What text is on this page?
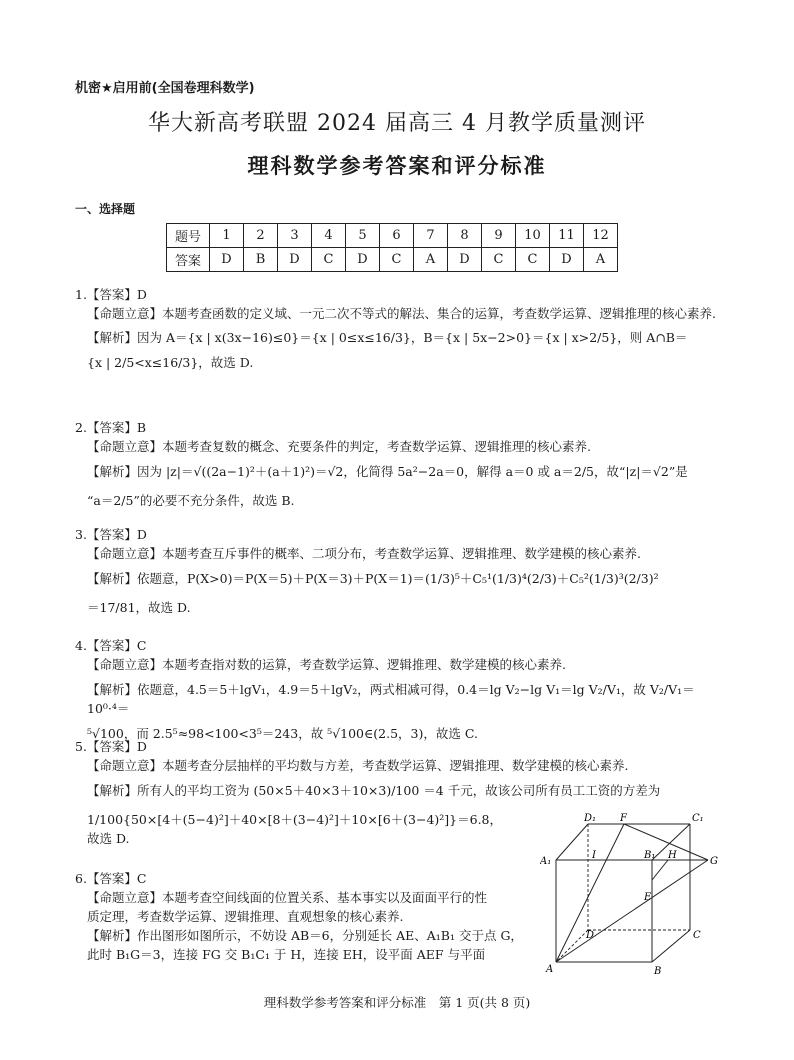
机密★启用前(全国卷理科数学)
华大新高考联盟 2024 届高三 4 月教学质量测评
理科数学参考答案和评分标准
一、选择题
题号	1	2	3	4	5	6	7	8	9	10	11	12
答案	D	B	D	C	D	C	A	D	C	C	D	A
1.【答案】D
【命题立意】本题考查函数的定义域、一元二次不等式的解法、集合的运算，考查数学运算、逻辑推理的核心素养.
【解析】因为 A＝{x | x(3x−16)≤0}＝{x | 0≤x≤16/3}，B＝{x | 5x−2>0}＝{x | x>2/5}，则 A∩B＝
{x | 2/5<x≤16/3}，故选 D.
2.【答案】B
【命题立意】本题考查复数的概念、充要条件的判定，考查数学运算、逻辑推理的核心素养.
【解析】因为 |z|＝√((2a−1)²＋(a＋1)²)＝√2，化简得 5a²−2a＝0，解得 a＝0 或 a＝2/5，故“|z|＝√2”是
“a＝2/5”的必要不充分条件，故选 B.
3.【答案】D
【命题立意】本题考查互斥事件的概率、二项分布，考查数学运算、逻辑推理、数学建模的核心素养.
【解析】依题意，P(X>0)＝P(X＝5)＋P(X＝3)＋P(X＝1)＝(1/3)⁵＋C₅¹(1/3)⁴(2/3)＋C₅²(1/3)³(2/3)²
＝17/81，故选 D.
4.【答案】C
【命题立意】本题考查指对数的运算，考查数学运算、逻辑推理、数学建模的核心素养.
【解析】依题意，4.5＝5＋lgV₁，4.9＝5＋lgV₂，两式相减可得，0.4＝lg V₂−lg V₁＝lg V₂/V₁，故 V₂/V₁＝10⁰·⁴＝
⁵√100，而 2.5⁵≈98<100<3⁵＝243，故 ⁵√100∈(2.5，3)，故选 C.
5.【答案】D
【命题立意】本题考查分层抽样的平均数与方差，考查数学运算、逻辑推理、数学建模的核心素养.
【解析】所有人的平均工资为 (50×5＋40×3＋10×3)/100 ＝4 千元，故该公司所有员工工资的方差为
1/100{50×[4＋(5−4)²]＋40×[8＋(3−4)²]＋10×[6＋(3−4)²]}＝6.8，
故选 D.
6.【答案】C
【命题立意】本题考查空间线面的位置关系、基本事实以及面面平行的性
质定理，考查数学运算、逻辑推理、直观想象的核心素养.
【解析】作出图形如图所示，不妨设 AB＝6，分别延长 AE、A₁B₁ 交于点 G，
此时 B₁G＝3，连接 FG 交 B₁C₁ 于 H，连接 EH，设平面 AEF 与平面
D₁ F	C₁
A₁
I	B₁ H
G
E
D	C
A	B
理科数学参考答案和评分标准　第 1 页(共 8 页)
